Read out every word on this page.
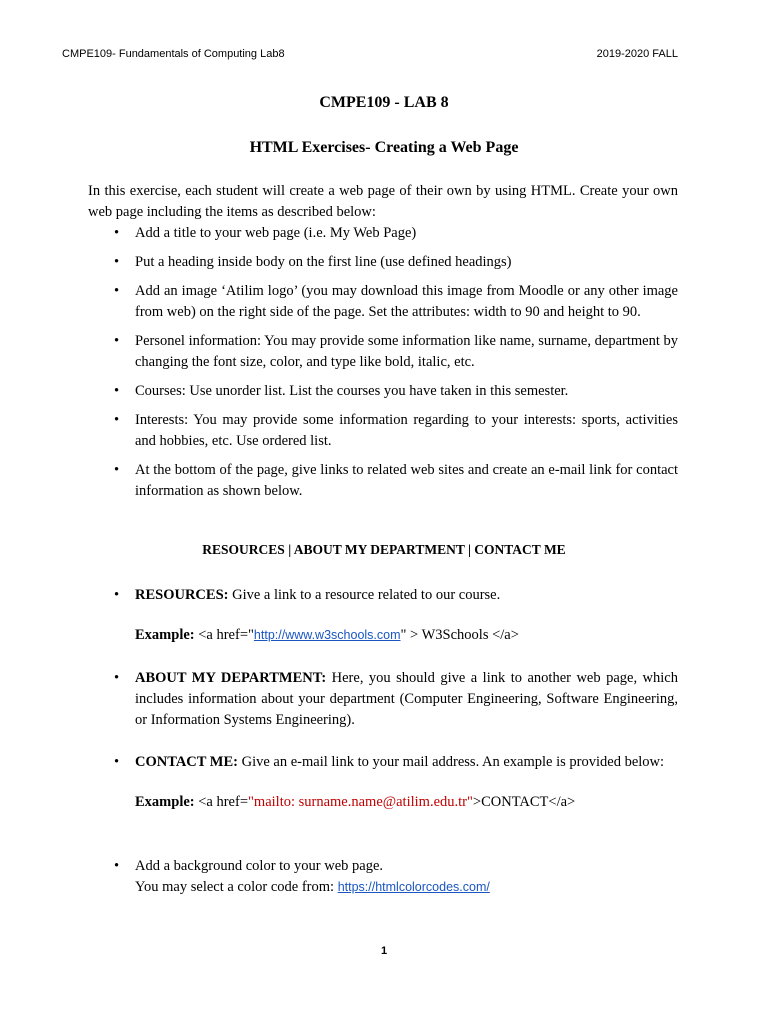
CMPE109- Fundamentals of Computing Lab8	2019-2020 FALL
CMPE109 - LAB 8
HTML Exercises- Creating a Web Page
In this exercise, each student will create a web page of their own by using HTML. Create your own web page including the items as described below:
• Add a title to your web page (i.e. My Web Page)
• Put a heading inside body on the first line (use defined headings)
• Add an image ‘Atilim logo’ (you may download this image from Moodle or any other image from web) on the right side of the page. Set the attributes: width to 90 and height to 90.
• Personel information: You may provide some information like name, surname, department by changing the font size, color, and type like bold, italic, etc.
• Courses: Use unorder list. List the courses you have taken in this semester.
• Interests: You may provide some information regarding to your interests: sports, activities and hobbies, etc. Use ordered list.
• At the bottom of the page, give links to related web sites and create an e-mail link for contact information as shown below.
RESOURCES | ABOUT MY DEPARTMENT | CONTACT ME
• RESOURCES: Give a link to a resource related to our course.
Example: <a href="http://www.w3schools.com" > W3Schools </a>
• ABOUT MY DEPARTMENT: Here, you should give a link to another web page, which includes information about your department (Computer Engineering, Software Engineering, or Information Systems Engineering).
• CONTACT ME: Give an e-mail link to your mail address. An example is provided below:
Example: <a href="mailto: surname.name@atilim.edu.tr">CONTACT</a>
• Add a background color to your web page.
You may select a color code from: https://htmlcolorcodes.com/
1
